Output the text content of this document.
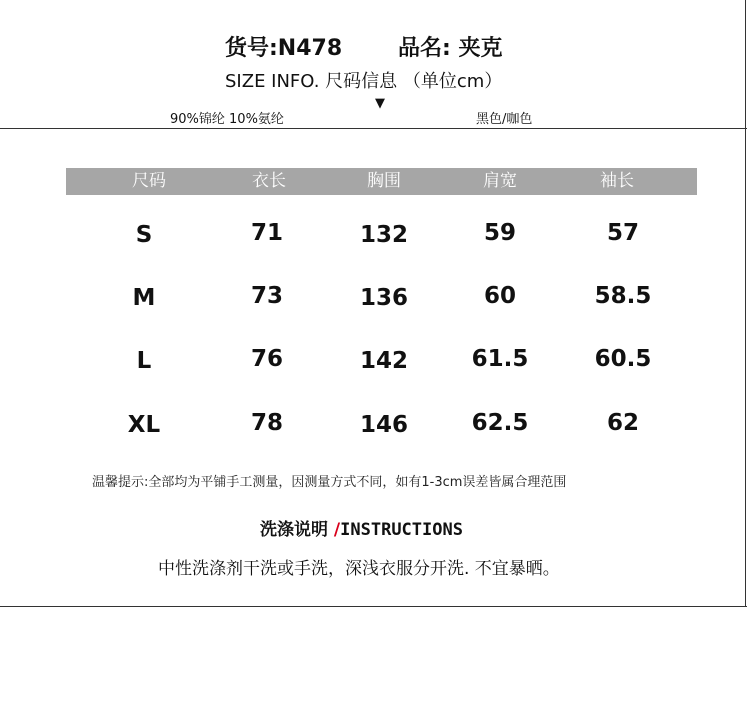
货号:N478	品名: 夹克
SIZE INFO. 尺码信息 （单位cm）
90%锦纶 10%氨纶
▼
黑色/咖色
尺码	衣长	胸围	肩宽	袖长
S	71	132	59	57
M	73	136	60	58.5
L	76	142	61.5	60.5
XL	78	146	62.5	62
温馨提示:全部均为平铺手工测量，因测量方式不同，如有1-3cm误差皆属合理范围
洗涤说明 /INSTRUCTIONS
中性洗涤剂干洗或手洗，深浅衣服分开洗. 不宜暴晒。
